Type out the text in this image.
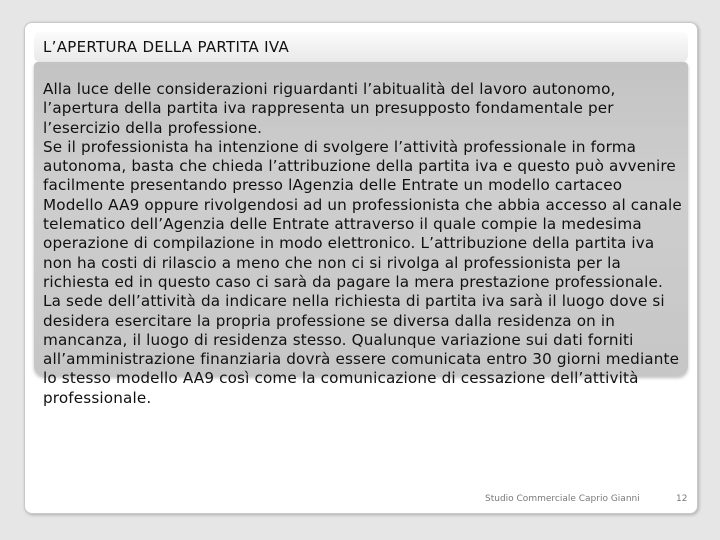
L’APERTURA DELLA PARTITA IVA

Alla luce delle considerazioni riguardanti l’abitualità del lavoro autonomo, l’apertura della partita iva rappresenta un presupposto fondamentale per l’esercizio della professione.

Se il professionista ha intenzione di svolgere l’attività professionale in forma autonoma, basta che chieda l’attribuzione della partita iva e questo può avvenire facilmente presentando presso lAgenzia delle Entrate un modello cartaceo Modello AA9 oppure rivolgendosi ad un professionista che abbia accesso al canale telematico dell’Agenzia delle Entrate attraverso il quale compie la medesima operazione di compilazione in modo elettronico. L’attribuzione della partita iva non ha costi di rilascio a meno che non ci si rivolga al professionista per la richiesta ed in questo caso ci sarà da pagare la mera prestazione professionale.

La sede dell’attività da indicare nella richiesta di partita iva sarà il luogo dove si desidera esercitare la propria professione se diversa dalla residenza on in mancanza, il luogo di residenza stesso. Qualunque variazione sui dati forniti all’amministrazione finanziaria dovrà essere comunicata entro 30 giorni mediante lo stesso modello AA9 così come la comunicazione di cessazione dell’attività professionale.

Studio Commerciale Caprio Gianni	12
